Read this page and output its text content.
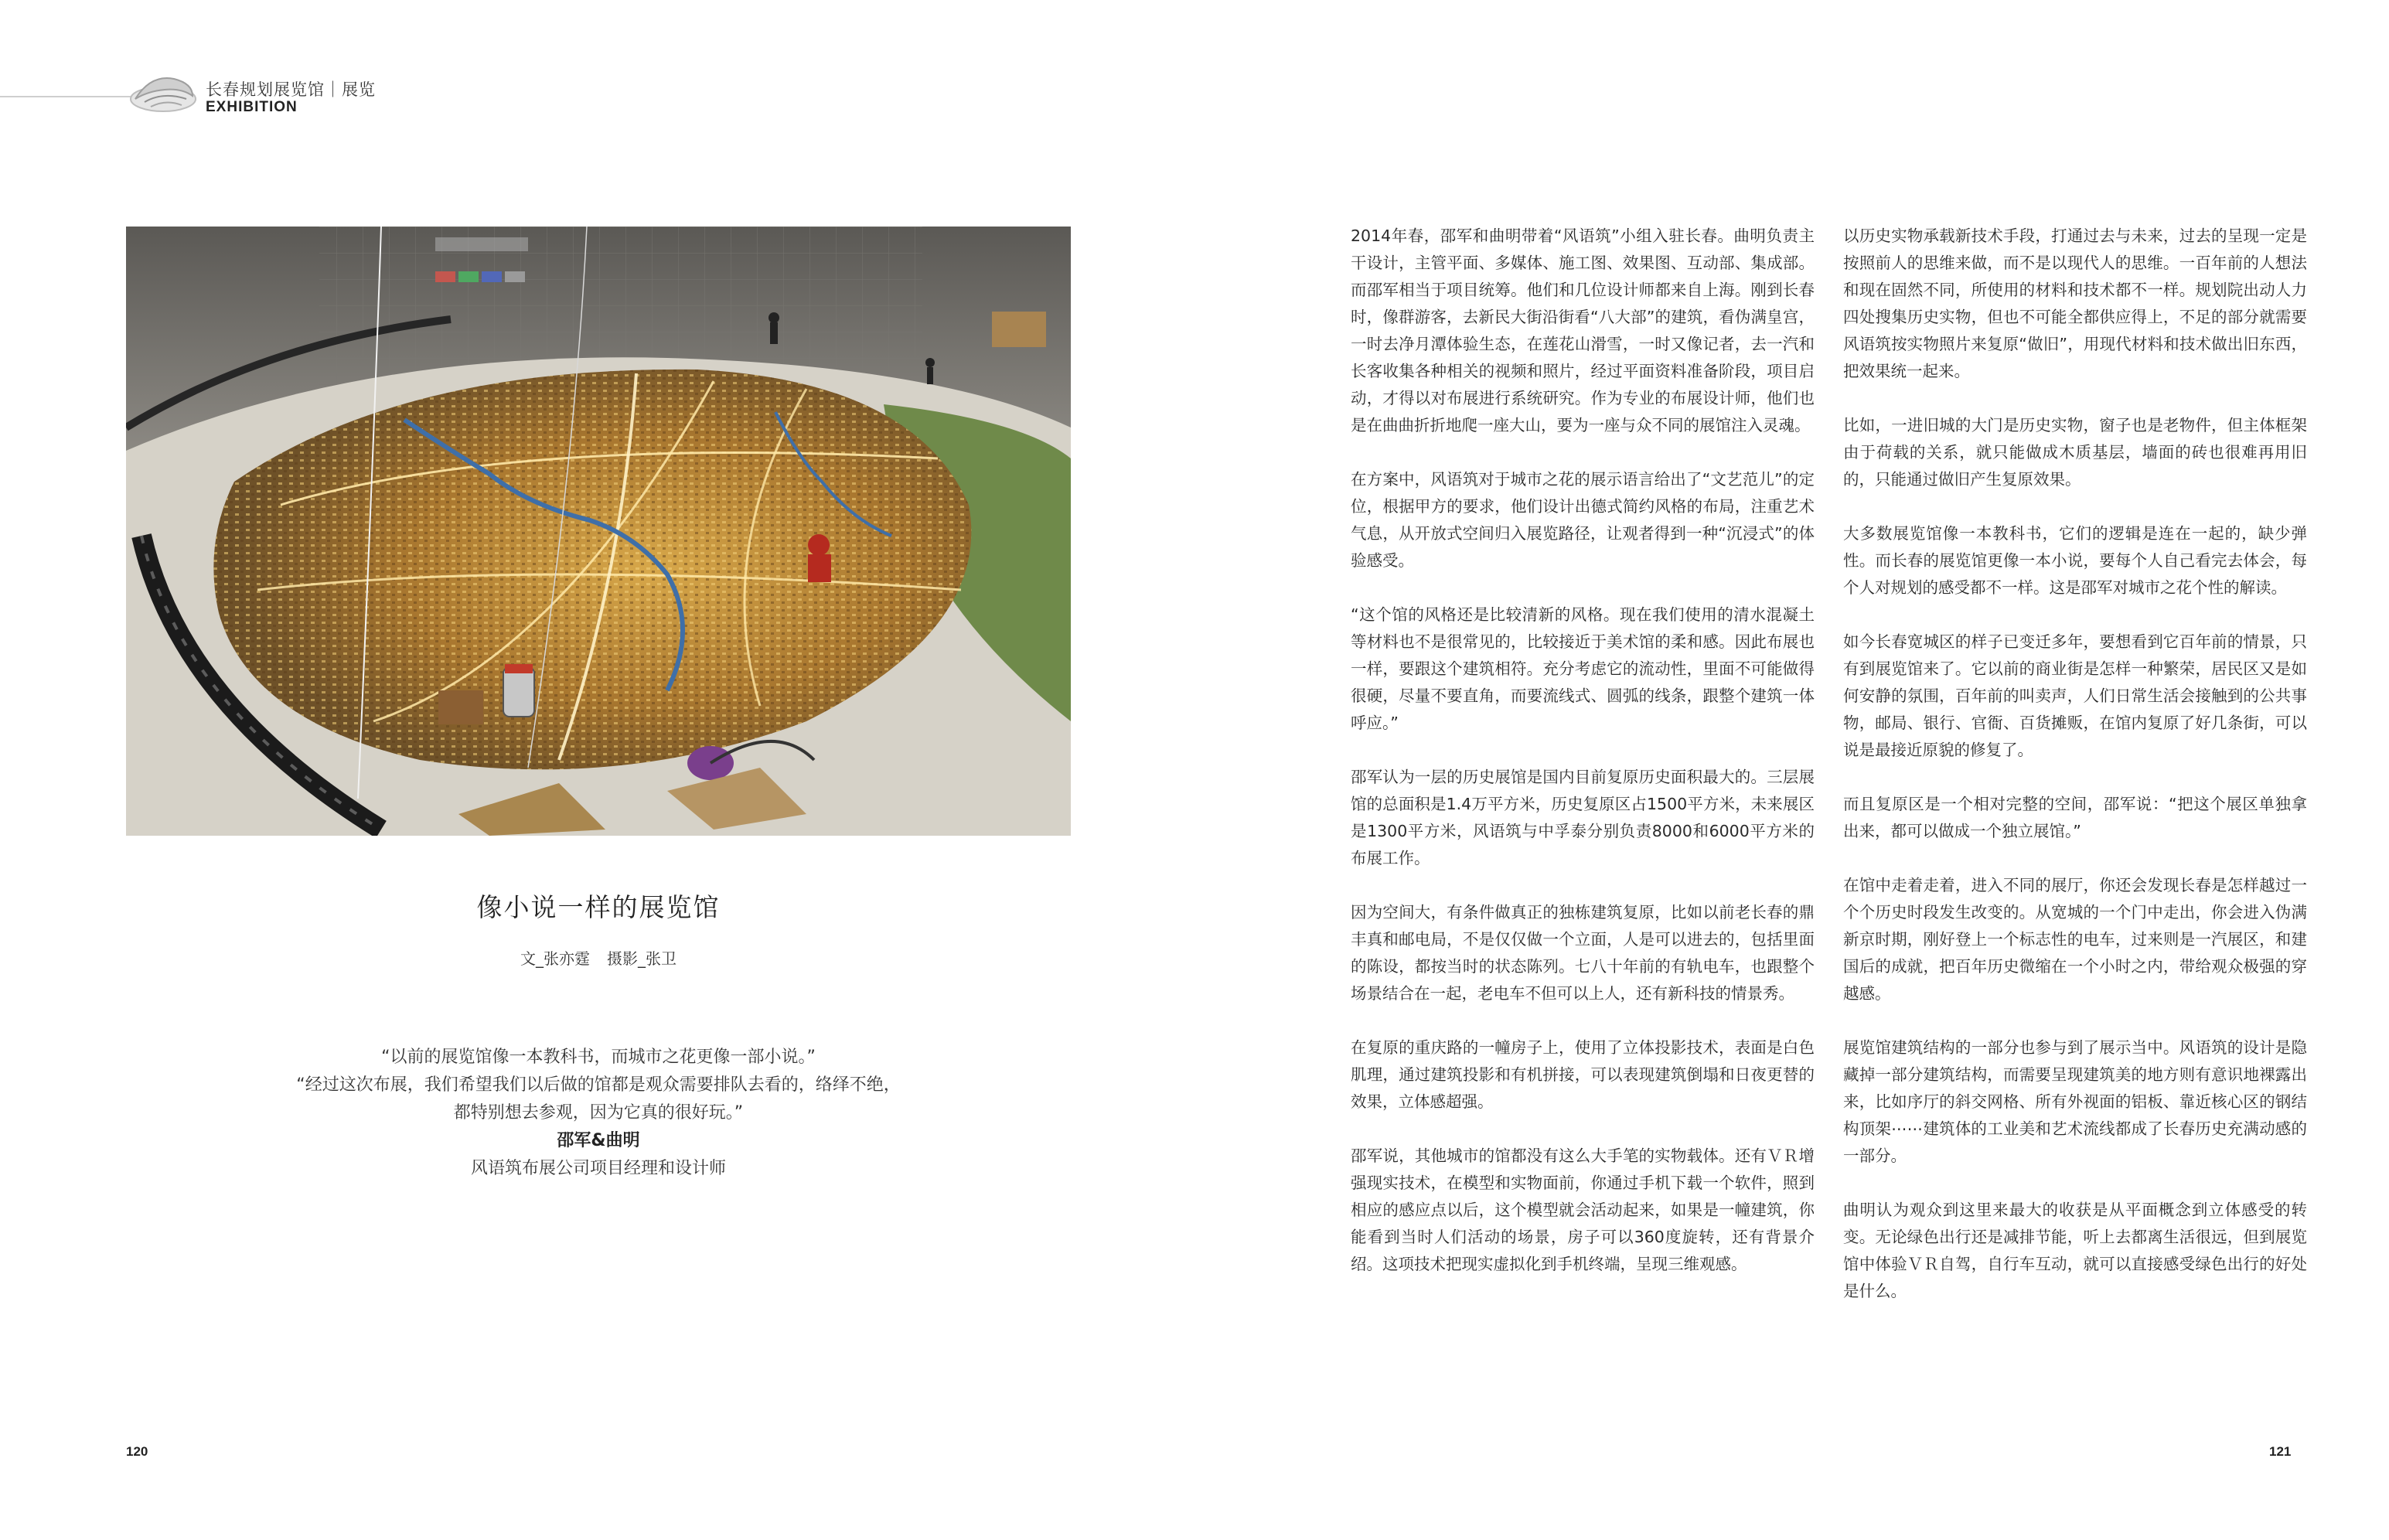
长春规划展览馆｜展览
EXHIBITION
像小说一样的展览馆
文_张亦霆 摄影_张卫
“以前的展览馆像一本教科书，而城市之花更像一部小说。”
“经过这次布展，我们希望我们以后做的馆都是观众需要排队去看的，络绎不绝，
都特别想去参观，因为它真的很好玩。”
邵军&曲明
风语筑布展公司项目经理和设计师
120	121

2014年春，邵军和曲明带着“风语筑”小组入驻长春。曲明负责主干设计，主管平面、多媒体、施工图、效果图、互动部、集成部。而邵军相当于项目统筹。他们和几位设计师都来自上海。刚到长春时，像群游客，去新民大街沿街看“八大部”的建筑，看伪满皇宫，一时去净月潭体验生态，在莲花山滑雪，一时又像记者，去一汽和长客收集各种相关的视频和照片，经过平面资料准备阶段，项目启动，才得以对布展进行系统研究。作为专业的布展设计师，他们也是在曲曲折折地爬一座大山，要为一座与众不同的展馆注入灵魂。

在方案中，风语筑对于城市之花的展示语言给出了“文艺范儿”的定位，根据甲方的要求，他们设计出德式简约风格的布局，注重艺术气息，从开放式空间归入展览路径，让观者得到一种“沉浸式”的体验感受。

“这个馆的风格还是比较清新的风格。现在我们使用的清水混凝土等材料也不是很常见的，比较接近于美术馆的柔和感。因此布展也一样，要跟这个建筑相符。充分考虑它的流动性，里面不可能做得很硬，尽量不要直角，而要流线式、圆弧的线条，跟整个建筑一体呼应。”

邵军认为一层的历史展馆是国内目前复原历史面积最大的。三层展馆的总面积是1.4万平方米，历史复原区占1500平方米，未来展区是1300平方米，风语筑与中孚泰分别负责8000和6000平方米的布展工作。

因为空间大，有条件做真正的独栋建筑复原，比如以前老长春的鼎丰真和邮电局，不是仅仅做一个立面，人是可以进去的，包括里面的陈设，都按当时的状态陈列。七八十年前的有轨电车，也跟整个场景结合在一起，老电车不但可以上人，还有新科技的情景秀。

在复原的重庆路的一幢房子上，使用了立体投影技术，表面是白色肌理，通过建筑投影和有机拼接，可以表现建筑倒塌和日夜更替的效果，立体感超强。

邵军说，其他城市的馆都没有这么大手笔的实物载体。还有ＶＲ增强现实技术，在模型和实物面前，你通过手机下载一个软件，照到相应的感应点以后，这个模型就会活动起来，如果是一幢建筑，你能看到当时人们活动的场景，房子可以360度旋转，还有背景介绍。这项技术把现实虚拟化到手机终端，呈现三维观感。

以历史实物承载新技术手段，打通过去与未来，过去的呈现一定是按照前人的思维来做，而不是以现代人的思维。一百年前的人想法和现在固然不同，所使用的材料和技术都不一样。规划院出动人力四处搜集历史实物，但也不可能全都供应得上，不足的部分就需要风语筑按实物照片来复原“做旧”，用现代材料和技术做出旧东西，把效果统一起来。

比如，一进旧城的大门是历史实物，窗子也是老物件，但主体框架由于荷载的关系，就只能做成木质基层，墙面的砖也很难再用旧的，只能通过做旧产生复原效果。

大多数展览馆像一本教科书，它们的逻辑是连在一起的，缺少弹性。而长春的展览馆更像一本小说，要每个人自己看完去体会，每个人对规划的感受都不一样。这是邵军对城市之花个性的解读。

如今长春宽城区的样子已变迁多年，要想看到它百年前的情景，只有到展览馆来了。它以前的商业街是怎样一种繁荣，居民区又是如何安静的氛围，百年前的叫卖声，人们日常生活会接触到的公共事物，邮局、银行、官衙、百货摊贩，在馆内复原了好几条街，可以说是最接近原貌的修复了。

而且复原区是一个相对完整的空间，邵军说：“把这个展区单独拿出来，都可以做成一个独立展馆。”

在馆中走着走着，进入不同的展厅，你还会发现长春是怎样越过一个个历史时段发生改变的。从宽城的一个门中走出，你会进入伪满新京时期，刚好登上一个标志性的电车，过来则是一汽展区，和建国后的成就，把百年历史微缩在一个小时之内，带给观众极强的穿越感。

展览馆建筑结构的一部分也参与到了展示当中。风语筑的设计是隐藏掉一部分建筑结构，而需要呈现建筑美的地方则有意识地裸露出来，比如序厅的斜交网格、所有外视面的铝板、靠近核心区的钢结构顶架⋯⋯建筑体的工业美和艺术流线都成了长春历史充满动感的一部分。

曲明认为观众到这里来最大的收获是从平面概念到立体感受的转变。无论绿色出行还是减排节能，听上去都离生活很远，但到展览馆中体验ＶＲ自驾，自行车互动，就可以直接感受绿色出行的好处是什么。
